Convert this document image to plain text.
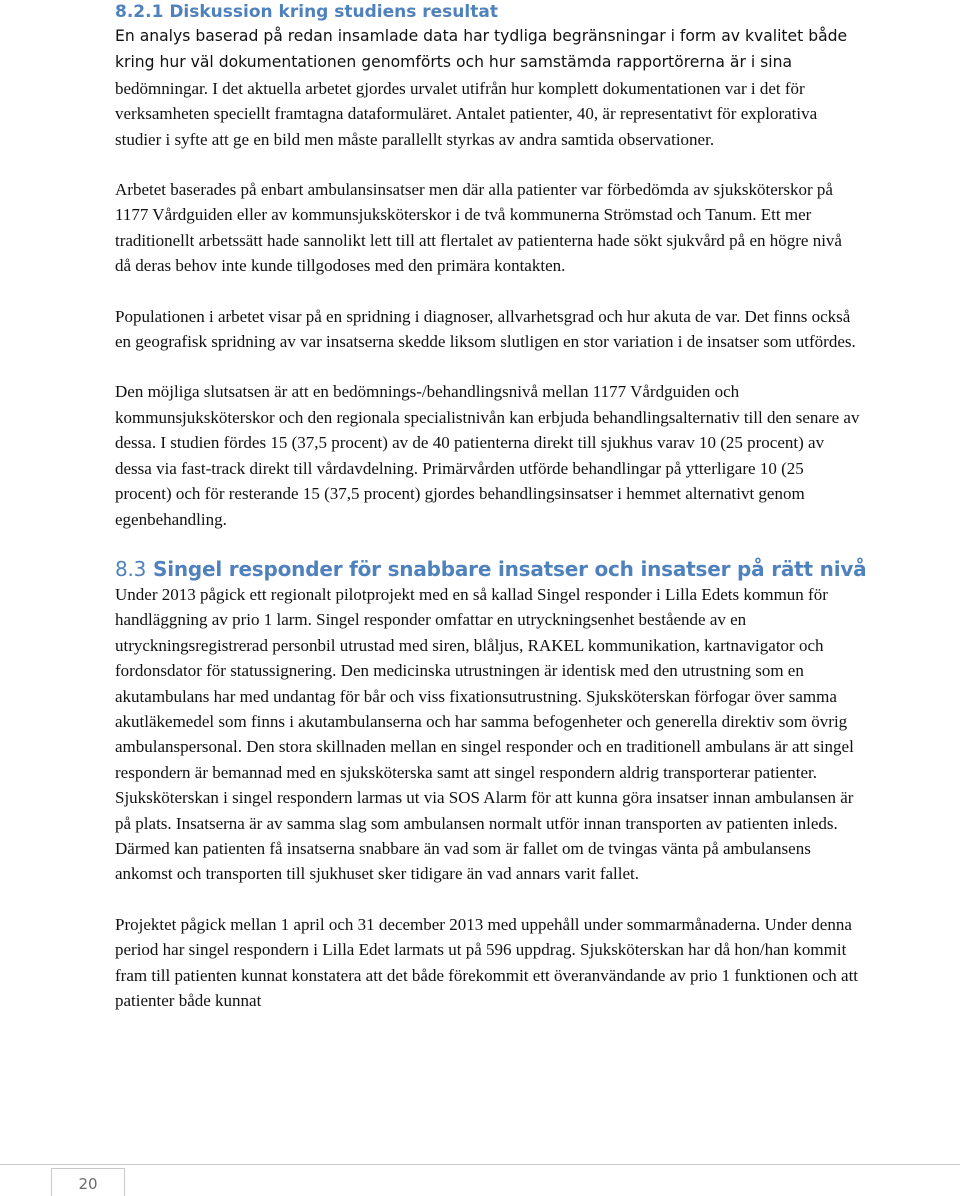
8.2.1 Diskussion kring studiens resultat

En analys baserad på redan insamlade data har tydliga begränsningar i form av kvalitet både kring hur väl dokumentationen genomförts och hur samstämda rapportörerna är i sina bedömningar. I det aktuella arbetet gjordes urvalet utifrån hur komplett dokumentationen var i det för verksamheten speciellt framtagna dataformuläret. Antalet patienter, 40, är representativt för explorativa studier i syfte att ge en bild men måste parallellt styrkas av andra samtida observationer.

Arbetet baserades på enbart ambulansinsatser men där alla patienter var förbedömda av sjuksköterskor på 1177 Vårdguiden eller av kommunsjuksköterskor i de två kommunerna Strömstad och Tanum. Ett mer traditionellt arbetssätt hade sannolikt lett till att flertalet av patienterna hade sökt sjukvård på en högre nivå då deras behov inte kunde tillgodoses med den primära kontakten.

Populationen i arbetet visar på en spridning i diagnoser, allvarhetsgrad och hur akuta de var. Det finns också en geografisk spridning av var insatserna skedde liksom slutligen en stor variation i de insatser som utfördes.

Den möjliga slutsatsen är att en bedömnings-/behandlingsnivå mellan 1177 Vårdguiden och kommunsjuksköterskor och den regionala specialistnivån kan erbjuda behandlingsalternativ till den senare av dessa. I studien fördes 15 (37,5 procent) av de 40 patienterna direkt till sjukhus varav 10 (25 procent) av dessa via fast-track direkt till vårdavdelning. Primärvården utförde behandlingar på ytterligare 10 (25 procent) och för resterande 15 (37,5 procent) gjordes behandlingsinsatser i hemmet alternativt genom egenbehandling.

8.3 Singel responder för snabbare insatser och insatser på rätt nivå

Under 2013 pågick ett regionalt pilotprojekt med en så kallad Singel responder i Lilla Edets kommun för handläggning av prio 1 larm. Singel responder omfattar en utryckningsenhet bestående av en utryckningsregistrerad personbil utrustad med siren, blåljus, RAKEL kommunikation, kartnavigator och fordonsdator för statussignering. Den medicinska utrustningen är identisk med den utrustning som en akutambulans har med undantag för bår och viss fixationsutrustning. Sjuksköterskan förfogar över samma akutläkemedel som finns i akutambulanserna och har samma befogenheter och generella direktiv som övrig ambulanspersonal. Den stora skillnaden mellan en singel responder och en traditionell ambulans är att singel respondern är bemannad med en sjuksköterska samt att singel respondern aldrig transporterar patienter. Sjuksköterskan i singel respondern larmas ut via SOS Alarm för att kunna göra insatser innan ambulansen är på plats. Insatserna är av samma slag som ambulansen normalt utför innan transporten av patienten inleds. Därmed kan patienten få insatserna snabbare än vad som är fallet om de tvingas vänta på ambulansens ankomst och transporten till sjukhuset sker tidigare än vad annars varit fallet.

Projektet pågick mellan 1 april och 31 december 2013 med uppehåll under sommarmånaderna. Under denna period har singel respondern i Lilla Edet larmats ut på 596 uppdrag. Sjuksköterskan har då hon/han kommit fram till patienten kunnat konstatera att det både förekommit ett överanvändande av prio 1 funktionen och att patienter både kunnat

20
